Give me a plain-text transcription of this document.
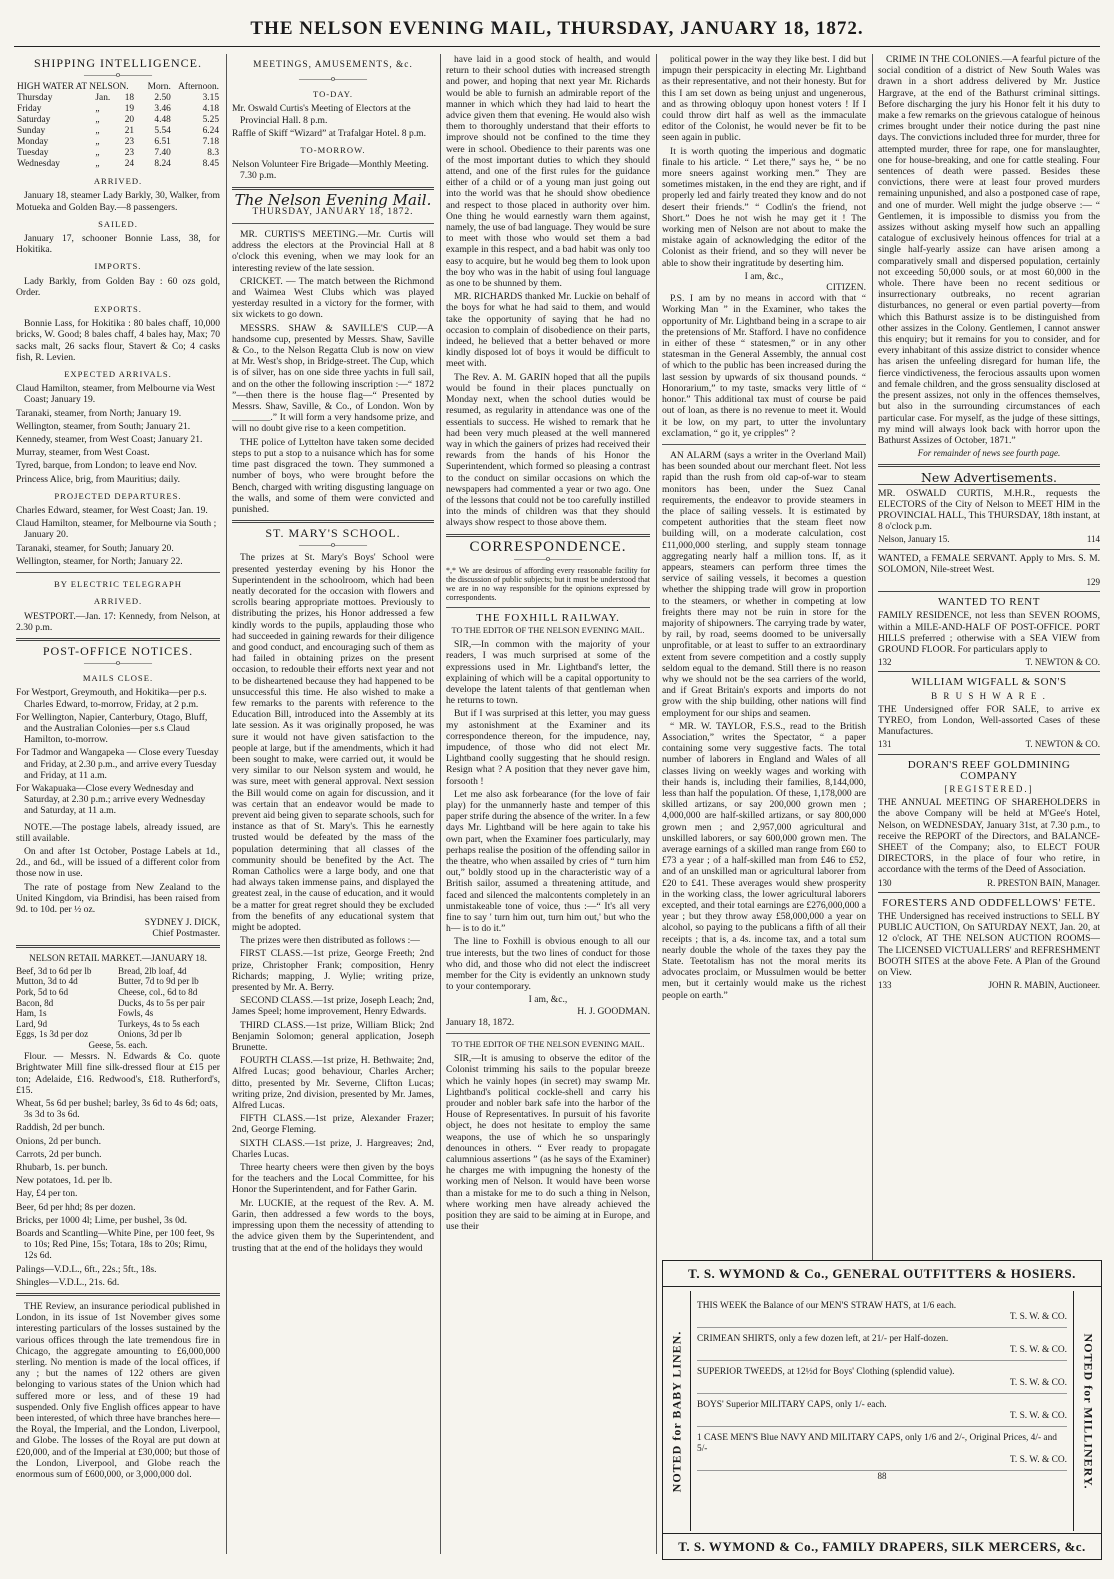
THE NELSON EVENING MAIL, THURSDAY, JANUARY 18, 1872.
SHIPPING INTELLIGENCE.
————o————
HIGH WATER AT NELSON.			Morn.	Afternoon.
Thursday	Jan.	18	2.50	3.15
Friday	„	19	3.46	4.18
Saturday	„	20	4.48	5.25
Sunday	„	21	5.54	6.24
Monday	„	23	6.51	7.18
Tuesday	„	23	7.40	8.3
Wednesday	„	24	8.24	8.45
ARRIVED.

January 18, steamer Lady Barkly, 30, Walker, from Motueka and Golden Bay.—8 passengers.

SAILED.

January 17, schooner Bonnie Lass, 38, for Hokitika.

IMPORTS.

Lady Barkly, from Golden Bay : 60 ozs gold, Order.

EXPORTS.

Bonnie Lass, for Hokitika : 80 bales chaff, 10,000 bricks, W. Good; 8 bales chaff, 4 bales hay, Max; 70 sacks malt, 26 sacks flour, Stavert & Co; 4 casks fish, R. Levien.

EXPECTED ARRIVALS.

Claud Hamilton, steamer, from Melbourne via West Coast; January 19.

Taranaki, steamer, from North; January 19.

Wellington, steamer, from South; January 21.

Kennedy, steamer, from West Coast; January 21.

Murray, steamer, from West Coast.

Tyred, barque, from London; to leave end Nov.

Princess Alice, brig, from Mauritius; daily.

PROJECTED DEPARTURES.

Charles Edward, steamer, for West Coast; Jan. 19.

Claud Hamilton, steamer, for Melbourne via South ; January 20.

Taranaki, steamer, for South; January 20.

Wellington, steamer, for North; January 22.

BY ELECTRIC TELEGRAPH
ARRIVED.

WESTPORT.—Jan. 17: Kennedy, from Nelson, at 2.30 p.m.

POST-OFFICE NOTICES.
————o————
MAILS CLOSE.

For Westport, Greymouth, and Hokitika—per p.s. Charles Edward, to-morrow, Friday, at 2 p.m.

For Wellington, Napier, Canterbury, Otago, Bluff, and the Australian Colonies—per s.s Claud Hamilton, to-morrow.

For Tadmor and Wangapeka — Close every Tuesday and Friday, at 2.30 p.m., and arrive every Tuesday and Friday, at 11 a.m.

For Wakapuaka—Close every Wednesday and Saturday, at 2.30 p.m.; arrive every Wednesday and Saturday, at 11 a.m.

NOTE.—The postage labels, already issued, are still available.

On and after 1st October, Postage Labels at 1d., 2d., and 6d., will be issued of a different color from those now in use.

The rate of postage from New Zealand to the United Kingdom, via Brindisi, has been raised from 9d. to 10d. per ½ oz.

SYDNEY J. DICK,
Chief Postmaster.
NELSON RETAIL MARKET.—JANUARY 18.
Beef, 3d to 6d per lb
Mutton, 3d to 4d
Pork, 5d to 6d
Bacon, 8d
Ham, 1s
Lard, 9d
Eggs, 1s 3d per doz
Bread, 2lb loaf, 4d
Butter, 7d to 9d per lb
Cheese, col., 6d to 8d
Ducks, 4s to 5s per pair
Fowls, 4s
Turkeys, 4s to 5s each
Onions, 3d per lb
Geese, 5s. each.

Flour. — Messrs. N. Edwards & Co. quote Brightwater Mill fine silk-dressed flour at £15 per ton; Adelaide, £16. Redwood's, £18. Rutherford's, £15.

Wheat, 5s 6d per bushel; barley, 3s 6d to 4s 6d; oats, 3s 3d to 3s 6d.

Raddish, 2d per bunch.

Onions, 2d per bunch.

Carrots, 2d per bunch.

Rhubarb, 1s. per bunch.

New potatoes, 1d. per lb.

Hay, £4 per ton.

Beer, 6d per hhd; 8s per dozen.

Bricks, per 1000 4l; Lime, per bushel, 3s 0d.

Boards and Scantling—White Pine, per 100 feet, 9s to 10s; Red Pine, 15s; Totara, 18s to 20s; Rimu, 12s 6d.

Palings—V.D.L., 6ft., 22s.; 5ft., 18s.

Shingles—V.D.L., 21s. 6d.

THE Review, an insurance periodical published in London, in its issue of 1st November gives some interesting particulars of the losses sustained by the various offices through the late tremendous fire in Chicago, the aggregate amounting to £6,000,000 sterling. No mention is made of the local offices, if any ; but the names of 122 others are given belonging to various states of the Union which had suffered more or less, and of these 19 had suspended. Only five English offices appear to have been interested, of which three have branches here—the Royal, the Imperial, and the London, Liverpool, and Globe. The losses of the Royal are put down at £20,000, and of the Imperial at £30,000; but those of the London, Liverpool, and Globe reach the enormous sum of £600,000, or 3,000,000 dol.

MEETINGS, AMUSEMENTS, &c.
————o————
TO-DAY.

Mr. Oswald Curtis's Meeting of Electors at the Provincial Hall. 8 p.m.

Raffle of Skiff “Wizard” at Trafalgar Hotel. 8 p.m.

TO-MORROW.

Nelson Volunteer Fire Brigade—Monthly Meeting. 7.30 p.m.

The Nelson Evening Mail.
THURSDAY, JANUARY 18, 1872.

MR. CURTIS'S MEETING.—Mr. Curtis will address the electors at the Provincial Hall at 8 o'clock this evening, when we may look for an interesting review of the late session.

CRICKET. — The match between the Richmond and Waimea West Clubs which was played yesterday resulted in a victory for the former, with six wickets to go down.

MESSRS. SHAW & SAVILLE'S CUP.—A handsome cup, presented by Messrs. Shaw, Saville & Co., to the Nelson Regatta Club is now on view at Mr. West's shop, in Bridge-street. The Cup, which is of silver, has on one side three yachts in full sail, and on the other the following inscription :—“ 1872 ”—then there is the house flag—“ Presented by Messrs. Shaw, Saville, & Co., of London. Won by ________.” It will form a very handsome prize, and will no doubt give rise to a keen competition.

THE police of Lyttelton have taken some decided steps to put a stop to a nuisance which has for some time past disgraced the town. They summoned a number of boys, who were brought before the Bench, charged with writing disgusting language on the walls, and some of them were convicted and punished.

ST. MARY'S SCHOOL.
————o————

The prizes at St. Mary's Boys' School were presented yesterday evening by his Honor the Superintendent in the schoolroom, which had been neatly decorated for the occasion with flowers and scrolls bearing appropriate mottoes. Previously to distributing the prizes, his Honor addressed a few kindly words to the pupils, applauding those who had succeeded in gaining rewards for their diligence and good conduct, and encouraging such of them as had failed in obtaining prizes on the present occasion, to redouble their efforts next year and not to be disheartened because they had happened to be unsuccessful this time. He also wished to make a few remarks to the parents with reference to the Education Bill, introduced into the Assembly at its late session. As it was originally proposed, he was sure it would not have given satisfaction to the people at large, but if the amendments, which it had been sought to make, were carried out, it would be very similar to our Nelson system and would, he was sure, meet with general approval. Next session the Bill would come on again for discussion, and it was certain that an endeavor would be made to prevent aid being given to separate schools, such for instance as that of St. Mary's. This he earnestly trusted would be defeated by the mass of the population determining that all classes of the community should be benefited by the Act. The Roman Catholics were a large body, and one that had always taken immense pains, and displayed the greatest zeal, in the cause of education, and it would be a matter for great regret should they be excluded from the benefits of any educational system that might be adopted.

The prizes were then distributed as follows :—

FIRST CLASS.—1st prize, George Freeth; 2nd prize, Christopher Frank; composition, Henry Richards; mapping, J. Wylie; writing prize, presented by Mr. A. Berry.

SECOND CLASS.—1st prize, Joseph Leach; 2nd, James Speel; home improvement, Henry Edwards.

THIRD CLASS.—1st prize, William Blick; 2nd Benjamin Solomon; general application, Joseph Brunette.

FOURTH CLASS.—1st prize, H. Bethwaite; 2nd, Alfred Lucas; good behaviour, Charles Archer; ditto, presented by Mr. Severne, Clifton Lucas; writing prize, 2nd division, presented by Mr. James, Alfred Lucas.

FIFTH CLASS.—1st prize, Alexander Frazer; 2nd, George Fleming.

SIXTH CLASS.—1st prize, J. Hargreaves; 2nd, Charles Lucas.

Three hearty cheers were then given by the boys for the teachers and the Local Committee, for his Honor the Superintendent, and for Father Garin.

Mr. LUCKIE, at the request of the Rev. A. M. Garin, then addressed a few words to the boys, impressing upon them the necessity of attending to the advice given them by the Superintendent, and trusting that at the end of the holidays they would

have laid in a good stock of health, and would return to their school duties with increased strength and power, and hoping that next year Mr. Richards would be able to furnish an admirable report of the manner in which which they had laid to heart the advice given them that evening. He would also wish them to thoroughly understand that their efforts to improve should not be confined to the time they were in school. Obedience to their parents was one of the most important duties to which they should attend, and one of the first rules for the guidance either of a child or of a young man just going out into the world was that he should show obedience and respect to those placed in authority over him. One thing he would earnestly warn them against, namely, the use of bad language. They would be sure to meet with those who would set them a bad example in this respect, and a bad habit was only too easy to acquire, but he would beg them to look upon the boy who was in the habit of using foul language as one to be shunned by them.

MR. RICHARDS thanked Mr. Luckie on behalf of the boys for what he had said to them, and would take the opportunity of saying that he had no occasion to complain of disobedience on their parts, indeed, he believed that a better behaved or more kindly disposed lot of boys it would be difficult to meet with.

The Rev. A. M. GARIN hoped that all the pupils would be found in their places punctually on Monday next, when the school duties would be resumed, as regularity in attendance was one of the essentials to success. He wished to remark that he had been very much pleased at the well mannered way in which the gainers of prizes had received their rewards from the hands of his Honor the Superintendent, which formed so pleasing a contrast to the conduct on similar occasions on which the newspapers had commented a year or two ago. One of the lessons that could not be too carefully instilled into the minds of children was that they should always show respect to those above them.

CORRESPONDENCE.
————o————

*,* We are desirous of affording every reasonable facility for the discussion of public subjects; but it must be understood that we are in no way responsible for the opinions expressed by correspondents.

THE FOXHILL RAILWAY.
TO THE EDITOR OF THE NELSON EVENING MAIL.

SIR,—In common with the majority of your readers, I was much surprised at some of the expressions used in Mr. Lightband's letter, the explaining of which will be a capital opportunity to develope the latent talents of that gentleman when he returns to town.

But if I was surprised at this letter, you may guess my astonishment at the Examiner and its correspondence thereon, for the impudence, nay, impudence, of those who did not elect Mr. Lightband coolly suggesting that he should resign. Resign what ? A position that they never gave him, forsooth !

Let me also ask forbearance (for the love of fair play) for the unmannerly haste and temper of this paper strife during the absence of the writer. In a few days Mr. Lightband will be here again to take his own part, when the Examiner foes particularly, may perhaps realise the position of the offending sailor in the theatre, who when assailed by cries of “ turn him out,” boldly stood up in the characteristic way of a British sailor, assumed a threatening attitude, and faced and silenced the malcontents completely in an unmistakeable tone of voice, thus :—“ It's all very fine to say ' turn him out, turn him out,' but who the h— is to do it.”

The line to Foxhill is obvious enough to all our true interests, but the two lines of conduct for those who did, and those who did not elect the indiscreet member for the City is evidently an unknown study to your contemporary.

I am, &c.,
H. J. GOODMAN.
January 18, 1872.
TO THE EDITOR OF THE NELSON EVENING MAIL.

SIR,—It is amusing to observe the editor of the Colonist trimming his sails to the popular breeze which he vainly hopes (in secret) may swamp Mr. Lightband's political cockle-shell and carry his prouder and nobler bark safe into the harbor of the House of Representatives. In pursuit of his favorite object, he does not hesitate to employ the same weapons, the use of which he so unsparingly denounces in others. “ Ever ready to propagate calumnious assertions ” (as he says of the Examiner) he charges me with impugning the honesty of the working men of Nelson. It would have been worse than a mistake for me to do such a thing in Nelson, where working men have already achieved the position they are said to be aiming at in Europe, and use their

political power in the way they like best. I did but impugn their perspicacity in electing Mr. Lightband as their representative, and not their honesty. But for this I am set down as being unjust and ungenerous, and as throwing obloquy upon honest voters ! If I could throw dirt half as well as the immaculate editor of the Colonist, he would never be fit to be seen again in public.

It is worth quoting the imperious and dogmatic finale to his article. “ Let there,” says he, “ be no more sneers against working men.” They are sometimes mistaken, in the end they are right, and if properly led and fairly treated they know and do not desert their friends.” “ Codlin's the friend, not Short.” Does he not wish he may get it ! The working men of Nelson are not about to make the mistake again of acknowledging the editor of the Colonist as their friend, and so they will never be able to show their ingratitude by deserting him.

I am, &c.,
CITIZEN.

P.S. I am by no means in accord with that “ Working Man ” in the Examiner, who takes the opportunity of Mr. Lightband being in a scrape to air the pretensions of Mr. Stafford. I have no confidence in either of these “ statesmen,” or in any other statesman in the General Assembly, the annual cost of which to the public has been increased during the last session by upwards of six thousand pounds. “ Honorarium,” to my taste, smacks very little of “ honor.” This additional tax must of course be paid out of loan, as there is no revenue to meet it. Would it be low, on my part, to utter the involuntary exclamation, “ go it, ye cripples” ?

AN ALARM (says a writer in the Overland Mail) has been sounded about our merchant fleet. Not less rapid than the rush from old cap-of-war to steam monitors has been, under the Suez Canal requirements, the endeavor to provide steamers in the place of sailing vessels. It is estimated by competent authorities that the steam fleet now building will, on a moderate calculation, cost £11,000,000 sterling, and supply steam tonnage aggregating nearly half a million tons. If, as it appears, steamers can perform three times the service of sailing vessels, it becomes a question whether the shipping trade will grow in proportion to the steamers, or whether in competing at low freights there may not be ruin in store for the majority of shipowners. The carrying trade by water, by rail, by road, seems doomed to be universally unprofitable, or at least to suffer to an extraordinary extent from severe competition and a costly supply seldom equal to the demand. Still there is no reason why we should not be the sea carriers of the world, and if Great Britain's exports and imports do not grow with the ship building, other nations will find employment for our ships and seamen.

“ MR. W. TAYLOR, F.S.S., read to the British Association,” writes the Spectator, “ a paper containing some very suggestive facts. The total number of laborers in England and Wales of all classes living on weekly wages and working with their hands is, including their families, 8,144,000, less than half the population. Of these, 1,178,000 are skilled artizans, or say 200,000 grown men ; 4,000,000 are half-skilled artizans, or say 800,000 grown men ; and 2,957,000 agricultural and unskilled laborers, or say 600,000 grown men. The average earnings of a skilled man range from £60 to £73 a year ; of a half-skilled man from £46 to £52, and of an unskilled man or agricultural laborer from £20 to £41. These averages would shew prosperity in the working class, the lower agricultural laborers excepted, and their total earnings are £276,000,000 a year ; but they throw away £58,000,000 a year on alcohol, so paying to the publicans a fifth of all their receipts ; that is, a 4s. income tax, and a total sum nearly double the whole of the taxes they pay the State. Teetotalism has not the moral merits its advocates proclaim, or Mussulmen would be better men, but it certainly would make us the richest people on earth.”

CRIME IN THE COLONIES.—A fearful picture of the social condition of a district of New South Wales was drawn in a short address delivered by Mr. Justice Hargrave, at the end of the Bathurst criminal sittings. Before discharging the jury his Honor felt it his duty to make a few remarks on the grievous catalogue of heinous crimes brought under their notice during the past nine days. The convictions included three for murder, three for attempted murder, three for rape, one for manslaughter, one for house-breaking, and one for cattle stealing. Four sentences of death were passed. Besides these convictions, there were at least four proved murders remaining unpunished, and also a postponed case of rape, and one of murder. Well might the judge observe :— “ Gentlemen, it is impossible to dismiss you from the assizes without asking myself how such an appalling catalogue of exclusively heinous offences for trial at a single half-yearly assize can have arisen among a comparatively small and dispersed population, certainly not exceeding 50,000 souls, or at most 60,000 in the whole. There have been no recent seditious or insurrectionary outbreaks, no recent agrarian disturbances, no general or even partial poverty—from which this Bathurst assize is to be distinguished from other assizes in the Colony. Gentlemen, I cannot answer this enquiry; but it remains for you to consider, and for every inhabitant of this assize district to consider whence has arisen the unfeeling disregard for human life, the fierce vindictiveness, the ferocious assaults upon women and female children, and the gross sensuality disclosed at the present assizes, not only in the offences themselves, but also in the surrounding circumstances of each particular case. For myself, as the judge of these sittings, my mind will always look back with horror upon the Bathurst Assizes of October, 1871.”

For remainder of news see fourth page.
New Advertisements.

MR. OSWALD CURTIS, M.H.R., requests the ELECTORS of the City of Nelson to MEET HIM in the PROVINCIAL HALL, This THURSDAY, 18th instant, at 8 o'clock p.m.

Nelson, January 15.	114

WANTED, a FEMALE SERVANT. Apply to Mrs. S. M. SOLOMON, Nile-street West.

129
WANTED TO RENT

FAMILY RESIDENCE, not less than SEVEN ROOMS, within a MILE-AND-HALF OF POST-OFFICE. PORT HILLS preferred ; otherwise with a SEA VIEW from GROUND FLOOR. For particulars apply to

132	T. NEWTON & CO.
WILLIAM WIGFALL & SON'S
B R U S H W A R E .

THE Undersigned offer FOR SALE, to arrive ex TYREO, from London, Well-assorted Cases of these Manufactures.

131	T. NEWTON & CO.
DORAN'S REEF GOLDMINING COMPANY
[REGISTERED.]

THE ANNUAL MEETING OF SHAREHOLDERS in the above Company will be held at M'Gee's Hotel, Nelson, on WEDNESDAY, January 31st, at 7.30 p.m., to receive the REPORT of the Directors, and BALANCE-SHEET of the Company; also, to ELECT FOUR DIRECTORS, in the place of four who retire, in accordance with the terms of the Deed of Association.

130	R. PRESTON BAIN, Manager.
FORESTERS AND ODDFELLOWS' FETE.

THE Undersigned has received instructions to SELL BY PUBLIC AUCTION, On SATURDAY NEXT, Jan. 20, at 12 o'clock, AT THE NELSON AUCTION ROOMS— The LICENSED VICTUALLERS' and REFRESHMENT BOOTH SITES at the above Fete. A Plan of the Ground on View.

133	JOHN R. MABIN, Auctioneer.
T. S. WYMOND & Co., GENERAL OUTFITTERS & HOSIERS.
NOTED for BABY LINEN.	NOTED for MILLINERY.
THIS WEEK the Balance of our MEN'S STRAW HATS, at 1/6 each.
T. S. W. & CO.
CRIMEAN SHIRTS, only a few dozen left, at 21/- per Half-dozen.
T. S. W. & CO.
SUPERIOR TWEEDS, at 12½d for Boys' Clothing (splendid value).
T. S. W. & CO.
BOYS' Superior MILITARY CAPS, only 1/- each.
T. S. W. & CO.
1 CASE MEN'S Blue NAVY AND MILITARY CAPS, only 1/6 and 2/-, Original Prices, 4/- and 5/-
T. S. W. & CO.
88
T. S. WYMOND & Co., FAMILY DRAPERS, SILK MERCERS, &c.
